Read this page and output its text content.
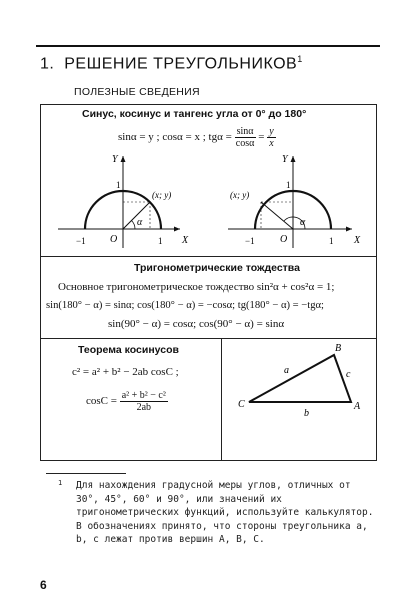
1. РЕШЕНИЕ ТРЕУГОЛЬНИКОВ$^1$
ПОЛЕЗНЫЕ СВЕДЕНИЯ
Синус, косинус и тангенс угла от 0° до 180°
sinα = y ; cosα = x ; $tg\alpha = \frac{\sin\alpha}{\cos\alpha} = \frac{y}{x}$
Y
X
O
1
1
−1
(x; y)
α
Y
X
O
1
1
−1
(x; y)
α
Тригонометрические тождества
Основное тригонометрическое тождество sin²α + cos²α = 1;
sin(180° − α) = sinα; cos(180° − α) = −cosα; tg(180° − α) = −tgα;
sin(90° − α) = cosα; cos(90° − α) = sinα
Теорема косинусов
c² = a² + b² − 2ab cosC ;
$\cos C = \frac{\text{a² + b² − c²}}{2ab}$
B
C	A
a	c
b
1 Для нахождения градусной меры углов, отличных от 30°, 45°, 60° и 90°, или значений их тригонометрических функций, используйте калькулятор. В обозначениях принято, что стороны треугольника a, b, c лежат против вершин A, B, C.
6
